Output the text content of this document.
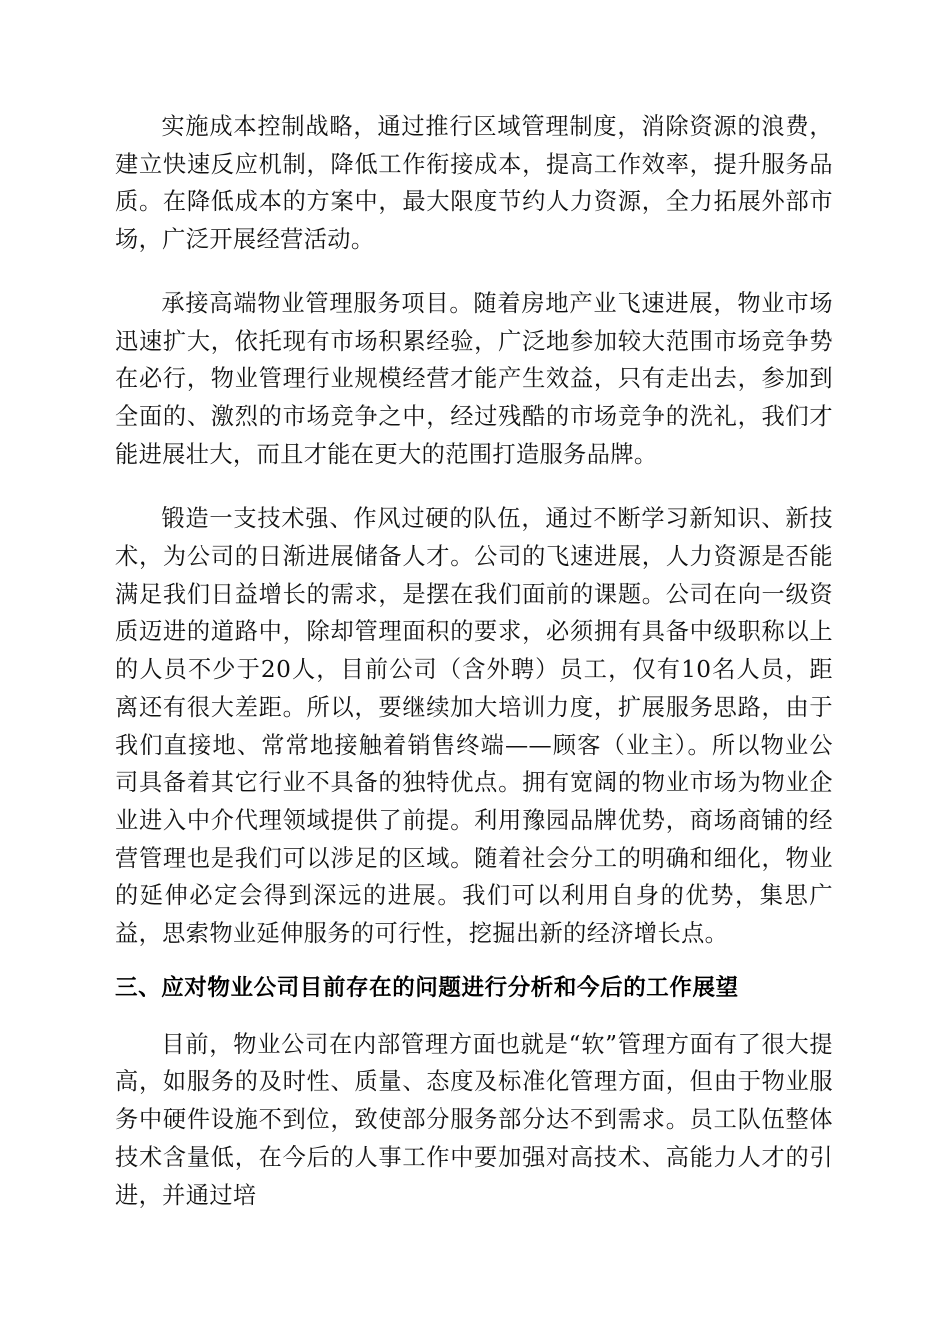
实施成本控制战略，通过推行区域管理制度，消除资源的浪费，建立快速反应机制，降低工作衔接成本，提高工作效率，提升服务品质。在降低成本的方案中，最大限度节约人力资源，全力拓展外部市场，广泛开展经营活动。

承接高端物业管理服务项目。随着房地产业飞速进展，物业市场迅速扩大，依托现有市场积累经验，广泛地参加较大范围市场竞争势在必行，物业管理行业规模经营才能产生效益，只有走出去，参加到全面的、激烈的市场竞争之中，经过残酷的市场竞争的洗礼，我们才能进展壮大，而且才能在更大的范围打造服务品牌。

锻造一支技术强、作风过硬的队伍，通过不断学习新知识、新技术，为公司的日渐进展储备人才。公司的飞速进展，人力资源是否能满足我们日益增长的需求，是摆在我们面前的课题。公司在向一级资质迈进的道路中，除却管理面积的要求，必须拥有具备中级职称以上的人员不少于20人，目前公司（含外聘）员工，仅有10名人员，距离还有很大差距。所以，要继续加大培训力度，扩展服务思路，由于我们直接地、常常地接触着销售终端——顾客（业主）。所以物业公司具备着其它行业不具备的独特优点。拥有宽阔的物业市场为物业企业进入中介代理领域提供了前提。利用豫园品牌优势，商场商铺的经营管理也是我们可以涉足的区域。随着社会分工的明确和细化，物业的延伸必定会得到深远的进展。我们可以利用自身的优势，集思广益，思索物业延伸服务的可行性，挖掘出新的经济增长点。

三、应对物业公司目前存在的问题进行分析和今后的工作展望

目前，物业公司在内部管理方面也就是“软”管理方面有了很大提高，如服务的及时性、质量、态度及标准化管理方面，但由于物业服务中硬件设施不到位，致使部分服务部分达不到需求。员工队伍整体技术含量低，在今后的人事工作中要加强对高技术、高能力人才的引进，并通过培
